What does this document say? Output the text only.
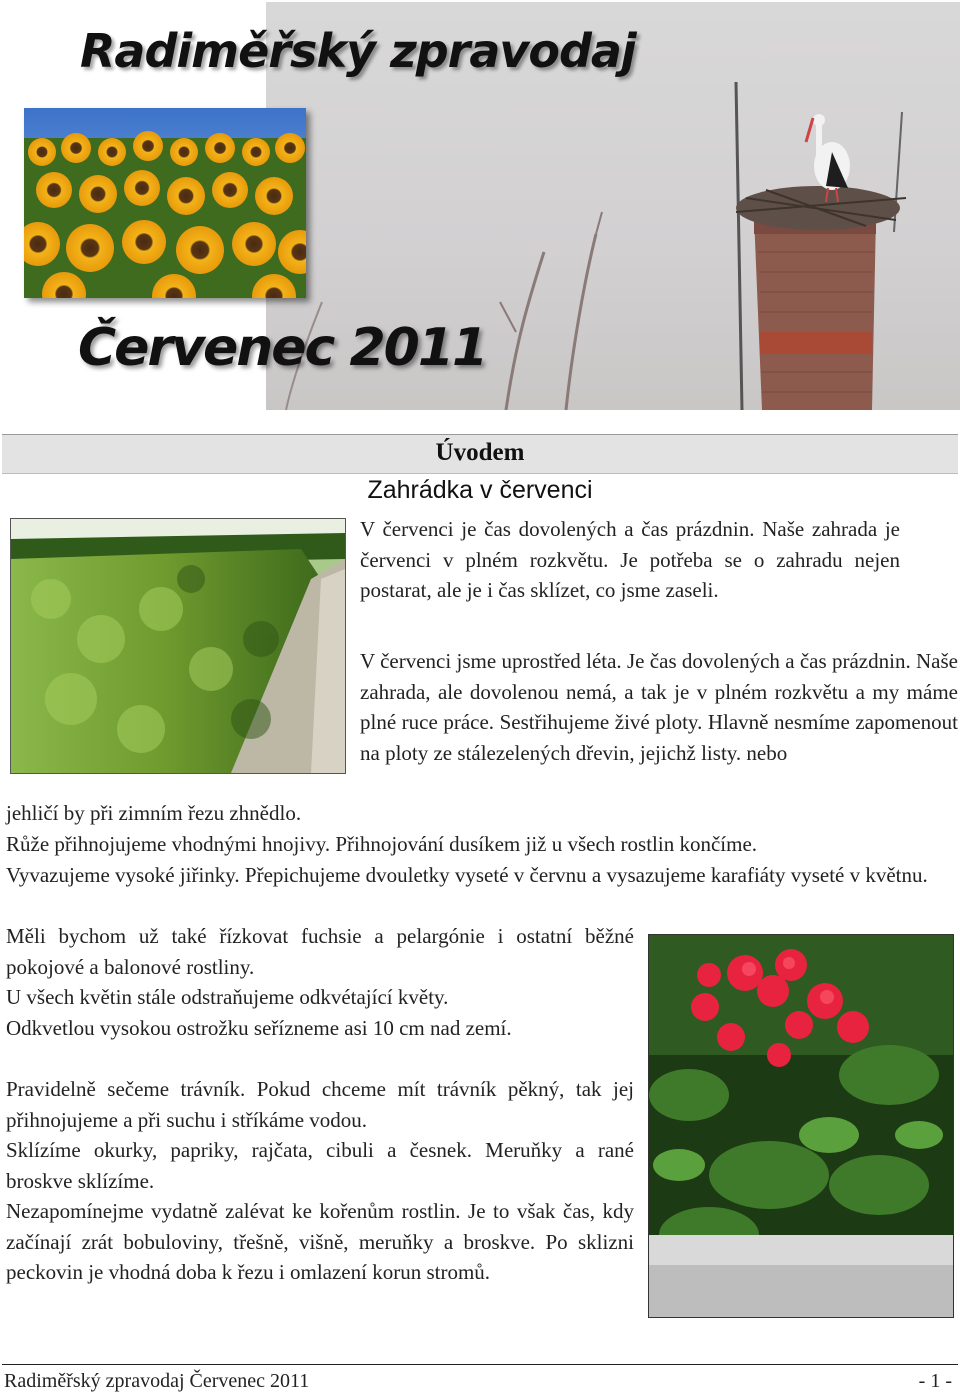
Radiměřský zpravodaj
Červenec 2011
Úvodem
Zahrádka v červenci

V červenci je čas dovolených a čas prázdnin. Naše zahrada je červenci v plném rozkvětu. Je potřeba se o zahradu nejen postarat, ale je i čas sklízet, co jsme zaseli.

V červenci jsme uprostřed léta. Je čas dovolených a čas prázdnin. Naše zahrada, ale dovolenou nemá, a tak je v plném rozkvětu a my máme plné ruce práce. Sestřihujeme živé ploty. Hlavně nesmíme zapomenout na ploty ze stálezelených dřevin, jejichž listy. nebo

jehličí by při zimním řezu zhnědlo.

Růže přihnojujeme vhodnými hnojivy. Přihnojování dusíkem již u všech rostlin končíme.

Vyvazujeme vysoké jiřinky. Přepichujeme dvouletky vyseté v červnu a vysazujeme karafiáty vyseté v květnu.

Měli bychom už také řízkovat fuchsie a pelargónie i ostatní běžné pokojové a balonové rostliny.

U všech květin stále odstraňujeme odkvétající květy.

Odkvetlou vysokou ostrožku seřízneme asi 10 cm nad zemí.

Pravidelně sečeme trávník. Pokud chceme mít trávník pěkný, tak jej přihnojujeme a při suchu i stříkáme vodou.

Sklízíme okurky, papriky, rajčata, cibuli a česnek. Meruňky a rané broskve sklízíme.

Nezapomínejme vydatně zalévat ke kořenům rostlin. Je to však čas, kdy začínají zrát bobuloviny, třešně, višně, meruňky a broskve. Po sklizni peckovin je vhodná doba k řezu i omlazení korun stromů.

Radiměřský zpravodaj Červenec 2011	- 1 -
